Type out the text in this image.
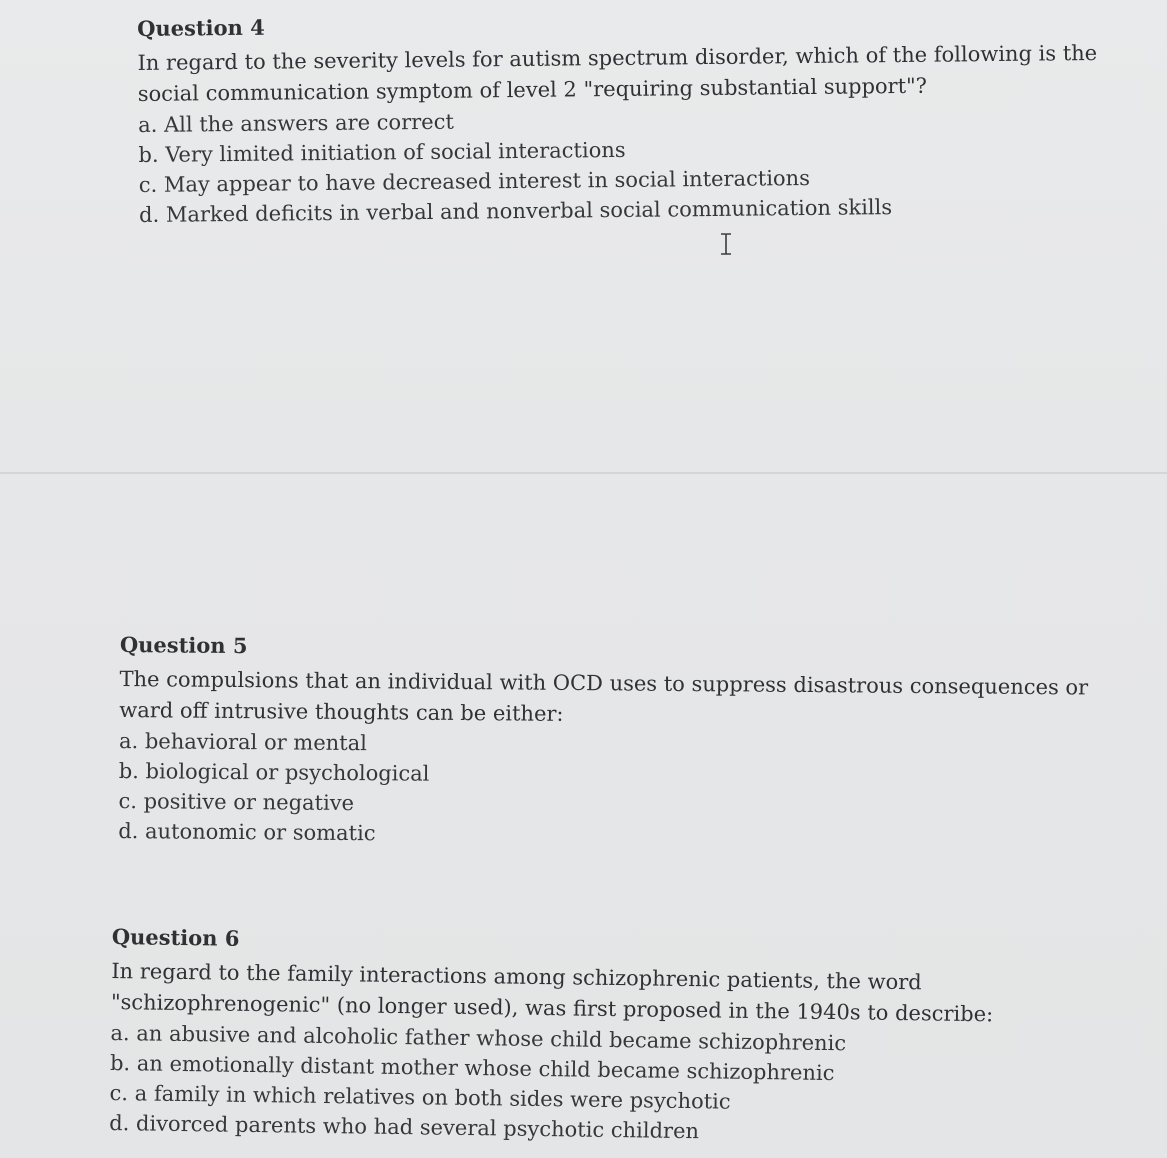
Question 4

In regard to the severity levels for autism spectrum disorder, which of the following is the social communication symptom of level 2 "requiring substantial support"?

a. All the answers are correct
b. Very limited initiation of social interactions
c. May appear to have decreased interest in social interactions
d. Marked deficits in verbal and nonverbal social communication skills
Question 5

The compulsions that an individual with OCD uses to suppress disastrous consequences or ward off intrusive thoughts can be either:

a. behavioral or mental
b. biological or psychological
c. positive or negative
d. autonomic or somatic
Question 6

In regard to the family interactions among schizophrenic patients, the word "schizophrenogenic" (no longer used), was first proposed in the 1940s to describe:

a. an abusive and alcoholic father whose child became schizophrenic
b. an emotionally distant mother whose child became schizophrenic
c. a family in which relatives on both sides were psychotic
d. divorced parents who had several psychotic children
